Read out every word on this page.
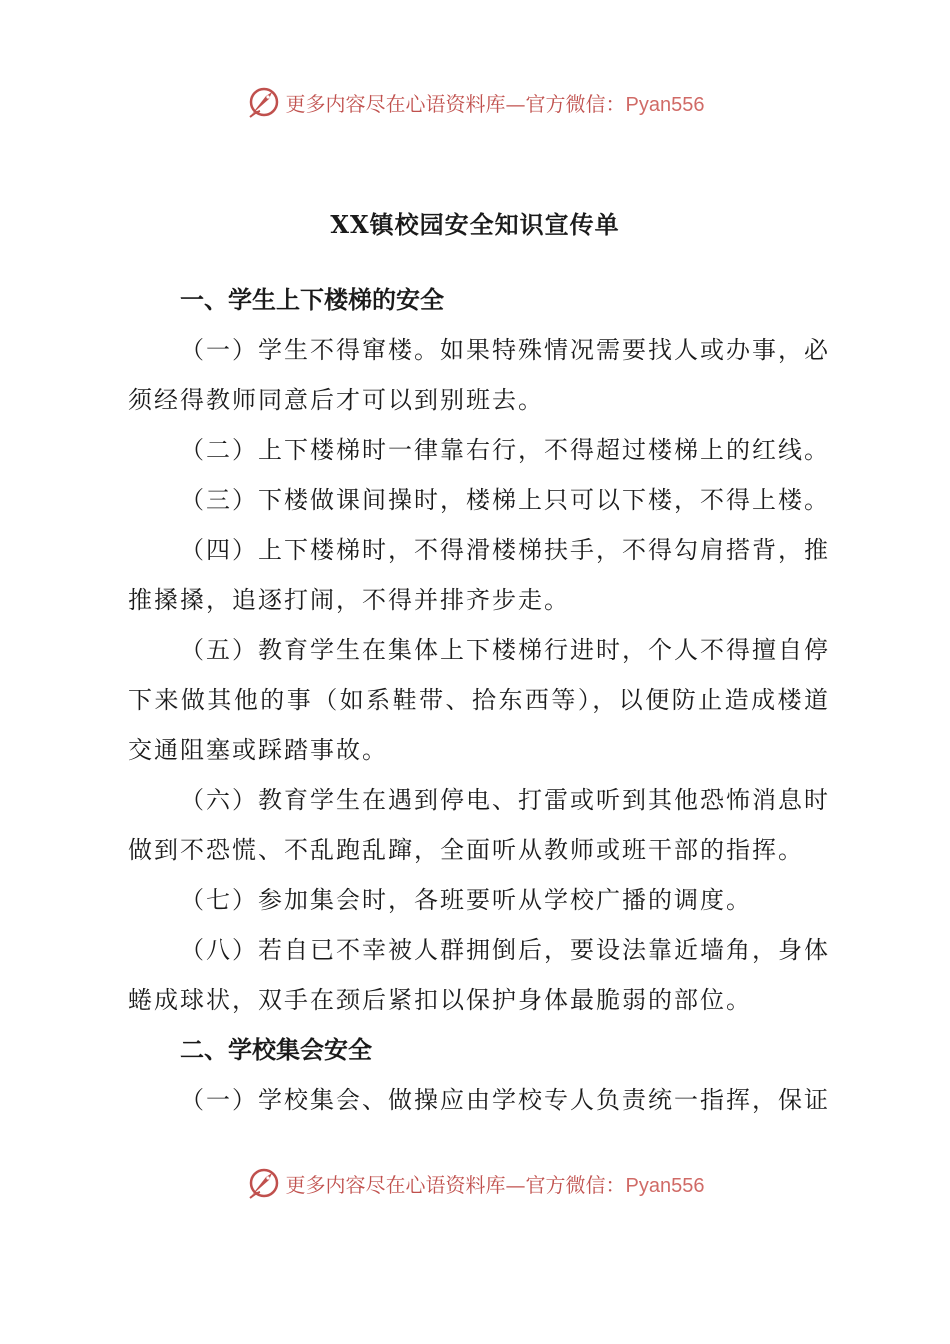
更多内容尽在心语资料库—官方微信：Pyan556
XX镇校园安全知识宣传单
一、学生上下楼梯的安全

（一）学生不得窜楼。如果特殊情况需要找人或办事，必须经得教师同意后才可以到别班去。

（二）上下楼梯时一律靠右行，不得超过楼梯上的红线。

（三）下楼做课间操时，楼梯上只可以下楼，不得上楼。

（四）上下楼梯时，不得滑楼梯扶手，不得勾肩搭背，推推搡搡，追逐打闹，不得并排齐步走。

（五）教育学生在集体上下楼梯行进时，个人不得擅自停下来做其他的事（如系鞋带、拾东西等），以便防止造成楼道交通阻塞或踩踏事故。

（六）教育学生在遇到停电、打雷或听到其他恐怖消息时做到不恐慌、不乱跑乱蹿，全面听从教师或班干部的指挥。

（七）参加集会时，各班要听从学校广播的调度。

（八）若自已不幸被人群拥倒后，要设法靠近墙角，身体蜷成球状，双手在颈后紧扣以保护身体最脆弱的部位。

二、学校集会安全

（一）学校集会、做操应由学校专人负责统一指挥，保证

更多内容尽在心语资料库—官方微信：Pyan556
